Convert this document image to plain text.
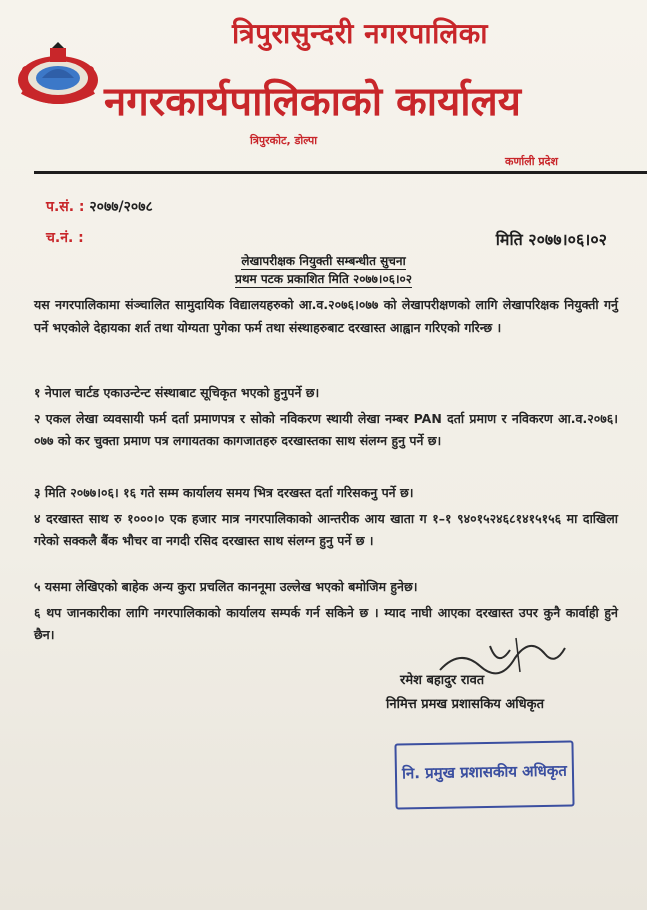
त्रिपुरासुन्दरी नगरपालिका
नगरकार्यपालिकाको कार्यालय
त्रिपुरकोट, डोल्पा
कर्णाली प्रदेश
प.सं. : २०७७/२०७८
च.नं. :	मिति २०७७।०६।०२
लेखापरीक्षक नियुक्ती सम्बन्धीत सुचना
प्रथम पटक प्रकाशित मिति २०७७।०६।०२
यस नगरपालिकामा संञ्चालित सामुदायिक विद्यालयहरुको आ.व.२०७६।०७७ को लेखापरीक्षणको लागि लेखापरिक्षक नियुक्ती गर्नु पर्ने भएकोले देहायका शर्त तथा योग्यता पुगेका फर्म तथा संस्थाहरुबाट दरखास्त आह्वान गरिएको गरिन्छ ।
१ नेपाल चार्टड एकाउन्टेन्ट संस्थाबाट सूचिकृत भएको हुनुपर्ने छ।
२ एकल लेखा व्यवसायी फर्म दर्ता प्रमाणपत्र र सोको नविकरण स्थायी लेखा नम्बर PAN दर्ता प्रमाण र नविकरण आ.व.२०७६।०७७ को कर चुक्ता प्रमाण पत्र लगायतका कागजातहरु दरखास्तका साथ संलग्न हुनु पर्ने छ।
३ मिति २०७७।०६। १६ गते सम्म कार्यालय समय भित्र दरखस्त दर्ता गरिसकनु पर्ने छ।
४ दरखास्त साथ रु १०००।० एक हजार मात्र नगरपालिकाको आन्तरीक आय खाता ग १–१ ९४०१५२४६८१४१५१५६ मा दाखिला गरेको सक्कलै बैंक भौचर वा नगदी रसिद दरखास्त साथ संलग्न हुनु पर्ने छ ।
५ यसमा लेखिएको बाहेक अन्य कुरा प्रचलित काननूमा उल्लेख भएको बमोजिम हुनेछ।
६ थप जानकारीका लागि नगरपालिकाको कार्यालय सम्पर्क गर्न सकिने छ । म्याद नाघी आएका दरखास्त उपर कुनै कार्वाही हुने छैन।
रमेश बहादुर रावत
निमित्त प्रमख प्रशासकिय अधिकृत
नि. प्रमुख प्रशासकीय अधिकृत
